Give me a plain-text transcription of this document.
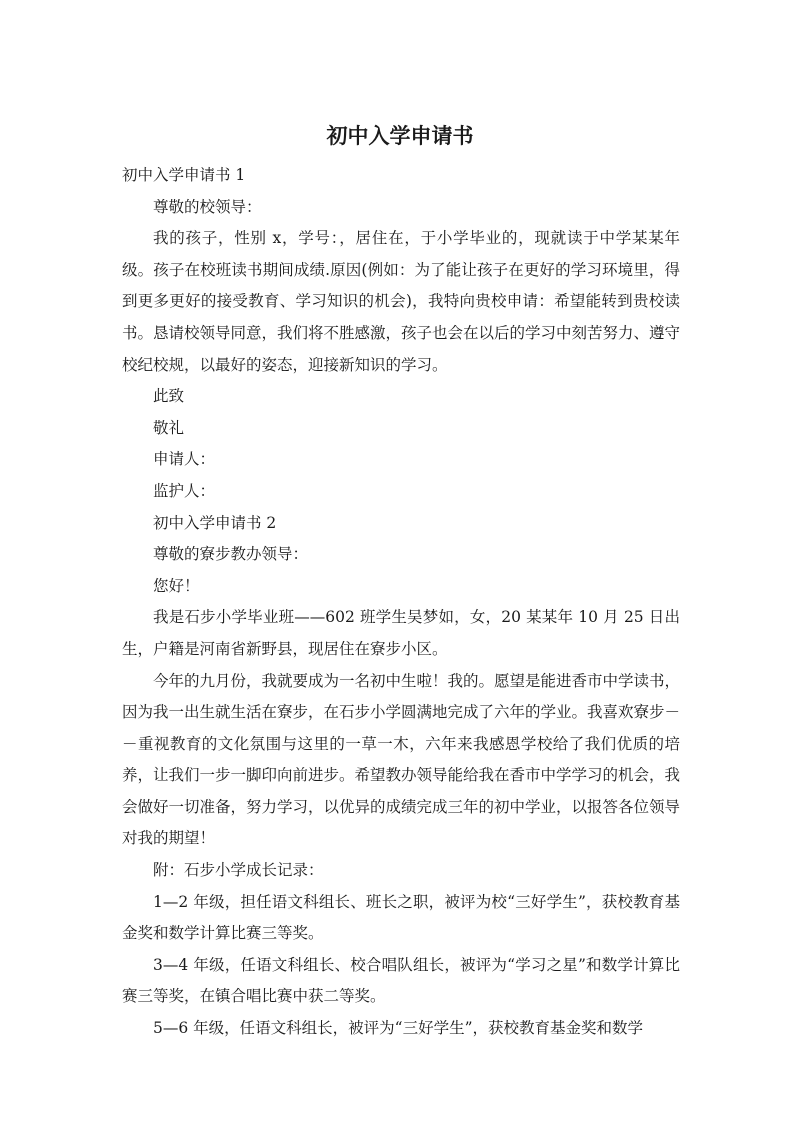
初中入学申请书

初中入学申请书 1

尊敬的校领导：

我的孩子，性别 x，学号：，居住在，于小学毕业的，现就读于中学某某年级。孩子在校班读书期间成绩.原因(例如：为了能让孩子在更好的学习环境里，得到更多更好的接受教育、学习知识的机会)，我特向贵校申请：希望能转到贵校读书。恳请校领导同意，我们将不胜感激，孩子也会在以后的学习中刻苦努力、遵守校纪校规，以最好的姿态，迎接新知识的学习。

此致

敬礼

申请人：

监护人：

初中入学申请书 2

尊敬的寮步教办领导：

您好！

我是石步小学毕业班——602 班学生吴梦如，女，20 某某年 10 月 25 日出生，户籍是河南省新野县，现居住在寮步小区。

今年的九月份，我就要成为一名初中生啦！我的。愿望是能进香市中学读书，因为我一出生就生活在寮步，在石步小学圆满地完成了六年的学业。我喜欢寮步－－重视教育的文化氛围与这里的一草一木，六年来我感恩学校给了我们优质的培养，让我们一步一脚印向前进步。希望教办领导能给我在香市中学学习的机会，我会做好一切准备，努力学习，以优异的成绩完成三年的初中学业，以报答各位领导对我的期望！

附：石步小学成长记录：

1—2 年级，担任语文科组长、班长之职，被评为校“三好学生”，获校教育基金奖和数学计算比赛三等奖。

3—4 年级，任语文科组长、校合唱队组长，被评为“学习之星”和数学计算比赛三等奖，在镇合唱比赛中获二等奖。

5—6 年级，任语文科组长，被评为“三好学生”，获校教育基金奖和数学
